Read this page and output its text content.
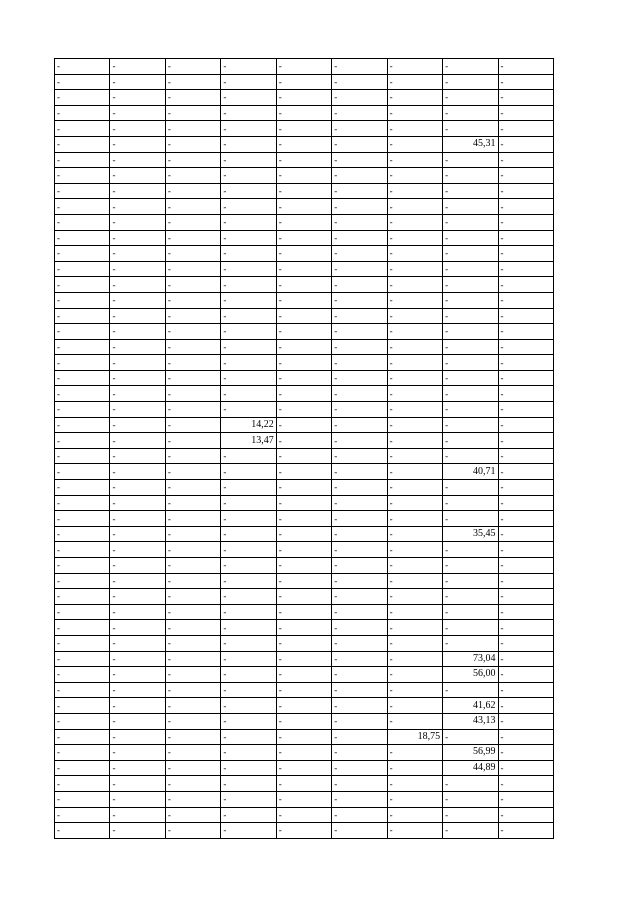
-	-	-	-	-	-	-	-	-
-	-	-	-	-	-	-	-	-
-	-	-	-	-	-	-	-	-
-	-	-	-	-	-	-	-	-
-	-	-	-	-	-	-	-	-
-	-	-	-	-	-	-	45,31	-
-	-	-	-	-	-	-	-	-
-	-	-	-	-	-	-	-	-
-	-	-	-	-	-	-	-	-
-	-	-	-	-	-	-	-	-
-	-	-	-	-	-	-	-	-
-	-	-	-	-	-	-	-	-
-	-	-	-	-	-	-	-	-
-	-	-	-	-	-	-	-	-
-	-	-	-	-	-	-	-	-
-	-	-	-	-	-	-	-	-
-	-	-	-	-	-	-	-	-
-	-	-	-	-	-	-	-	-
-	-	-	-	-	-	-	-	-
-	-	-	-	-	-	-	-	-
-	-	-	-	-	-	-	-	-
-	-	-	-	-	-	-	-	-
-	-	-	-	-	-	-	-	-
-	-	-	14,22	-	-	-	-	-
-	-	-	13,47	-	-	-	-	-
-	-	-	-	-	-	-	-	-
-	-	-	-	-	-	-	40,71	-
-	-	-	-	-	-	-	-	-
-	-	-	-	-	-	-	-	-
-	-	-	-	-	-	-	-	-
-	-	-	-	-	-	-	35,45	-
-	-	-	-	-	-	-	-	-
-	-	-	-	-	-	-	-	-
-	-	-	-	-	-	-	-	-
-	-	-	-	-	-	-	-	-
-	-	-	-	-	-	-	-	-
-	-	-	-	-	-	-	-	-
-	-	-	-	-	-	-	-	-
-	-	-	-	-	-	-	73,04	-
-	-	-	-	-	-	-	56,00	-
-	-	-	-	-	-	-	-	-
-	-	-	-	-	-	-	41,62	-
-	-	-	-	-	-	-	43,13	-
-	-	-	-	-	-	18,75	-	-
-	-	-	-	-	-	-	56,99	-
-	-	-	-	-	-	-	44,89	-
-	-	-	-	-	-	-	-	-
-	-	-	-	-	-	-	-	-
-	-	-	-	-	-	-	-	-
-	-	-	-	-	-	-	-	-
